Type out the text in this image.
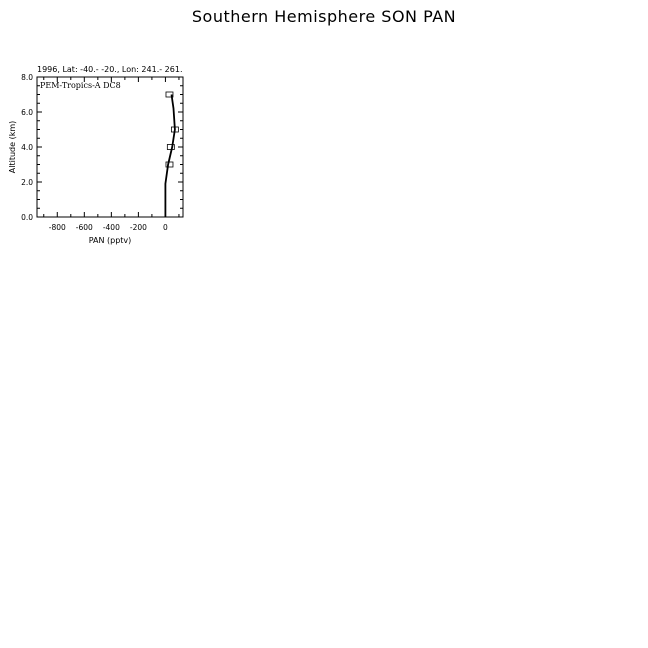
Southern Hemisphere SON PAN
1996, Lat: -40.- -20., Lon: 241.- 261.
PEM-Tropics-A DC8
PAN (pptv)
Altitude (km)
-800 -600 -400 -200 0
0.0
2.0
4.0
6.0
8.0
